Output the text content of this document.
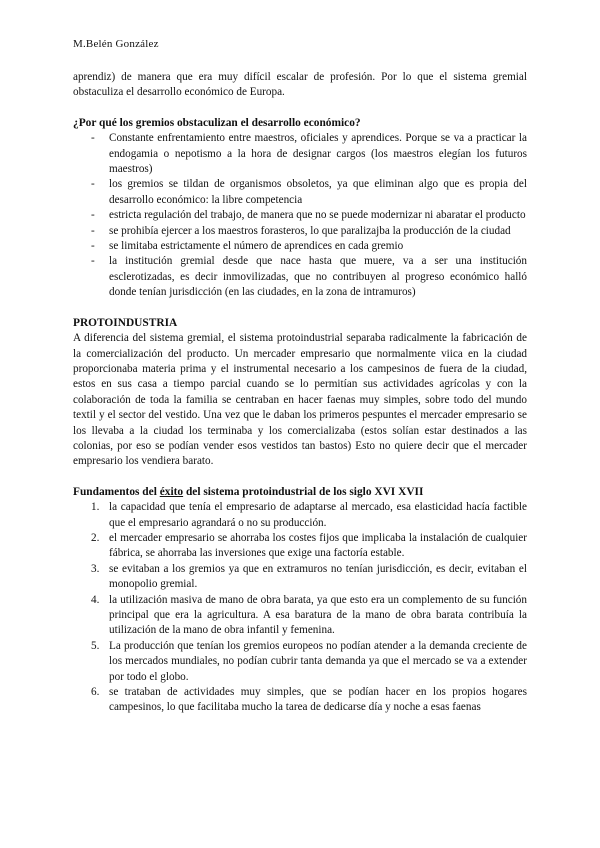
M.Belén González

aprendiz) de manera que era muy difícil escalar de profesión. Por lo que el sistema gremial obstaculiza el desarrollo económico de Europa.

¿Por qué los gremios obstaculizan el desarrollo económico?
- Constante enfrentamiento entre maestros, oficiales y aprendices. Porque se va a practicar la endogamia o nepotismo a la hora de designar cargos (los maestros elegían los futuros maestros)
- los gremios se tildan de organismos obsoletos, ya que eliminan algo que es propia del desarrollo económico: la libre competencia
- estricta regulación del trabajo, de manera que no se puede modernizar ni abaratar el producto
- se prohibía ejercer a los maestros forasteros, lo que paralizajba la producción de la ciudad
- se limitaba estrictamente el número de aprendices en cada gremio
- la institución gremial desde que nace hasta que muere, va a ser una institución esclerotizadas, es decir inmovilizadas, que no contribuyen al progreso económico halló donde tenían jurisdicción (en las ciudades, en la zona de intramuros)
PROTOINDUSTRIA

A diferencia del sistema gremial, el sistema protoindustrial separaba radicalmente la fabricación de la comercialización del producto. Un mercader empresario que normalmente viica en la ciudad proporcionaba materia prima y el instrumental necesario a los campesinos de fuera de la ciudad, estos en sus casa a tiempo parcial cuando se lo permitían sus actividades agrícolas y con la colaboración de toda la familia se centraban en hacer faenas muy simples, sobre todo del mundo textil y el sector del vestido. Una vez que le daban los primeros pespuntes el mercader empresario se los llevaba a la ciudad los terminaba y los comercializaba (estos solían estar destinados a las colonias, por eso se podían vender esos vestidos tan bastos) Esto no quiere decir que el mercader empresario los vendiera barato.

Fundamentos del éxito del sistema protoindustrial de los siglo XVI XVII
1. la capacidad que tenía el empresario de adaptarse al mercado, esa elasticidad hacía factible que el empresario agrandará o no su producción.
2. el mercader empresario se ahorraba los costes fijos que implicaba la instalación de cualquier fábrica, se ahorraba las inversiones que exige una factoría estable.
3. se evitaban a los gremios ya que en extramuros no tenían jurisdicción, es decir, evitaban el monopolio gremial.
4. la utilización masiva de mano de obra barata, ya que esto era un complemento de su función principal que era la agricultura. A esa baratura de la mano de obra barata contribuía la utilización de la mano de obra infantil y femenina.
5. La producción que tenían los gremios europeos no podían atender a la demanda creciente de los mercados mundiales, no podían cubrir tanta demanda ya que el mercado se va a extender por todo el globo.
6. se trataban de actividades muy simples, que se podían hacer en los propios hogares campesinos, lo que facilitaba mucho la tarea de dedicarse día y noche a esas faenas
